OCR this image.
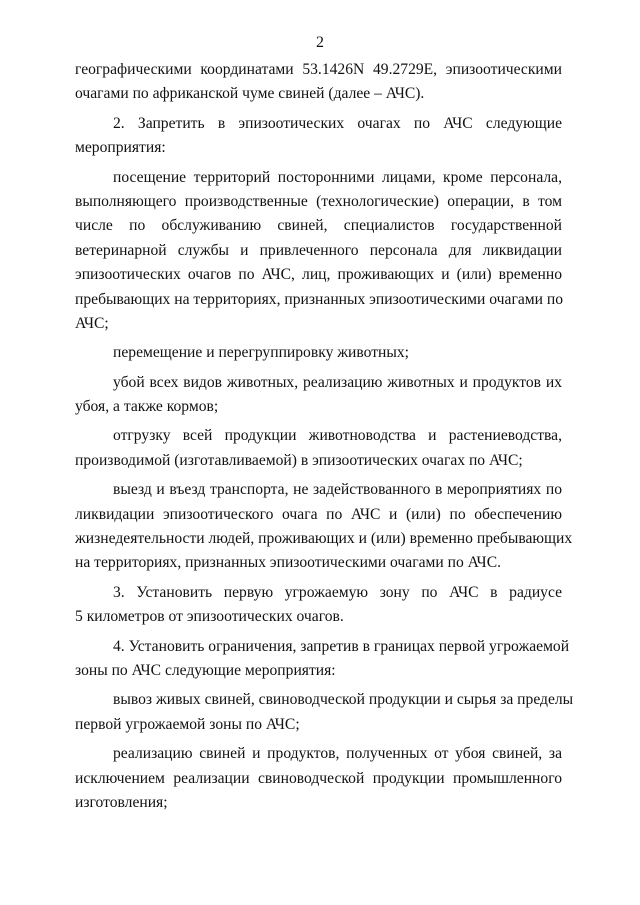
2
географическими координатами 53.1426N 49.2729E, эпизоотическими
очагами по африканской чуме свиней (далее – АЧС).
2. Запретить в эпизоотических очагах по АЧС следующие
мероприятия:
посещение территорий посторонними лицами, кроме персонала,
выполняющего производственные (технологические) операции, в том
числе по обслуживанию свиней, специалистов государственной
ветеринарной службы и привлеченного персонала для ликвидации
эпизоотических очагов по АЧС, лиц, проживающих и (или) временно
пребывающих на территориях, признанных эпизоотическими очагами по
АЧС;
перемещение и перегруппировку животных;
убой всех видов животных, реализацию животных и продуктов их
убоя, а также кормов;
отгрузку всей продукции животноводства и растениеводства,
производимой (изготавливаемой) в эпизоотических очагах по АЧС;
выезд и въезд транспорта, не задействованного в мероприятиях по
ликвидации эпизоотического очага по АЧС и (или) по обеспечению
жизнедеятельности людей, проживающих и (или) временно пребывающих
на территориях, признанных эпизоотическими очагами по АЧС.
3. Установить первую угрожаемую зону по АЧС в радиусе
5 километров от эпизоотических очагов.
4. Установить ограничения, запретив в границах первой угрожаемой
зоны по АЧС следующие мероприятия:
вывоз живых свиней, свиноводческой продукции и сырья за пределы
первой угрожаемой зоны по АЧС;
реализацию свиней и продуктов, полученных от убоя свиней, за
исключением реализации свиноводческой продукции промышленного
изготовления;
